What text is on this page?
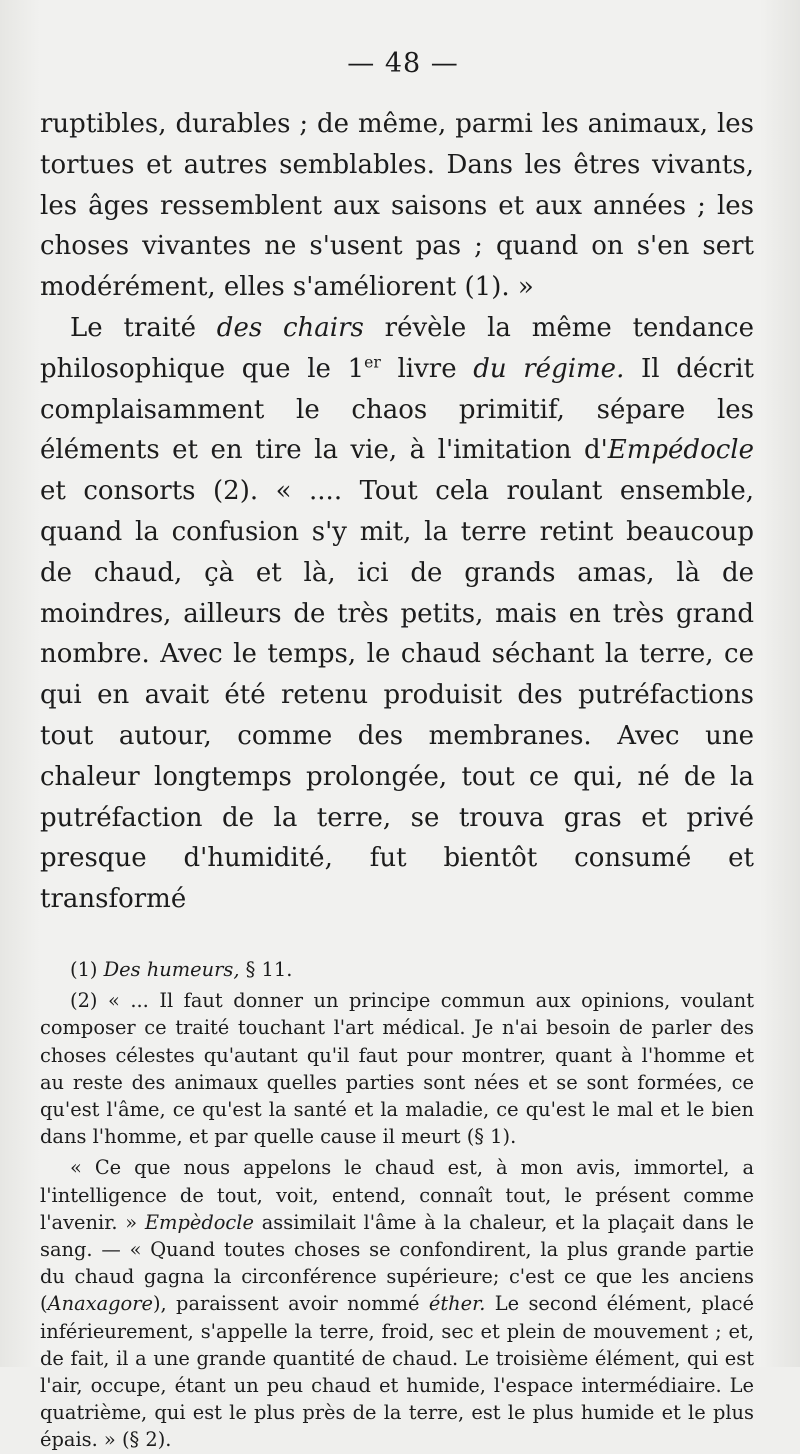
— 48 —

ruptibles, durables ; de même, parmi les animaux, les tortues et autres semblables. Dans les êtres vivants, les âges ressemblent aux saisons et aux années ; les choses vivantes ne s'usent pas ; quand on s'en sert modérément, elles s'améliorent (1). »

Le traité des chairs révèle la même tendance philosophique que le 1er livre du régime. Il décrit complaisamment le chaos primitif, sépare les éléments et en tire la vie, à l'imitation d'Empédocle et consorts (2). « .... Tout cela roulant ensemble, quand la confusion s'y mit, la terre retint beaucoup de chaud, çà et là, ici de grands amas, là de moindres, ailleurs de très petits, mais en très grand nombre. Avec le temps, le chaud séchant la terre, ce qui en avait été retenu produisit des putréfactions tout autour, comme des membranes. Avec une chaleur longtemps prolongée, tout ce qui, né de la putréfaction de la terre, se trouva gras et privé presque d'humidité, fut bientôt consumé et transformé

(1) Des humeurs, § 11.

(2) « ... Il faut donner un principe commun aux opinions, voulant composer ce traité touchant l'art médical. Je n'ai besoin de parler des choses célestes qu'autant qu'il faut pour montrer, quant à l'homme et au reste des animaux quelles parties sont nées et se sont formées, ce qu'est l'âme, ce qu'est la santé et la maladie, ce qu'est le mal et le bien dans l'homme, et par quelle cause il meurt (§ 1).

« Ce que nous appelons le chaud est, à mon avis, immortel, a l'intelligence de tout, voit, entend, connaît tout, le présent comme l'avenir. » Empèdocle assimilait l'âme à la chaleur, et la plaçait dans le sang. — « Quand toutes choses se confondirent, la plus grande partie du chaud gagna la circonférence supérieure; c'est ce que les anciens (Anaxagore), paraissent avoir nommé éther. Le second élément, placé inférieurement, s'appelle la terre, froid, sec et plein de mouvement ; et, de fait, il a une grande quantité de chaud. Le troisième élément, qui est l'air, occupe, étant un peu chaud et humide, l'espace intermédiaire. Le quatrième, qui est le plus près de la terre, est le plus humide et le plus épais. » (§ 2).
